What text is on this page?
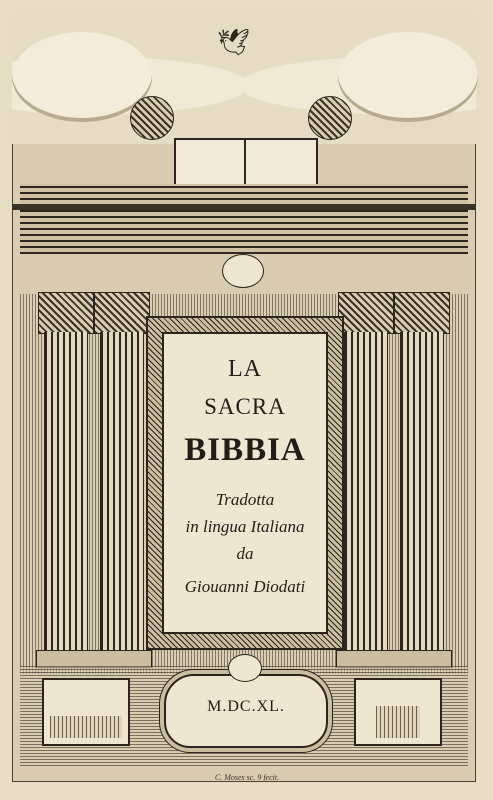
🕊
LA
SACRA
BIBBIA
Tradotta
in lingua Italiana
da
Giouanni Diodati
M.DC.XL.
C. Moses sc. 9 fecit.
